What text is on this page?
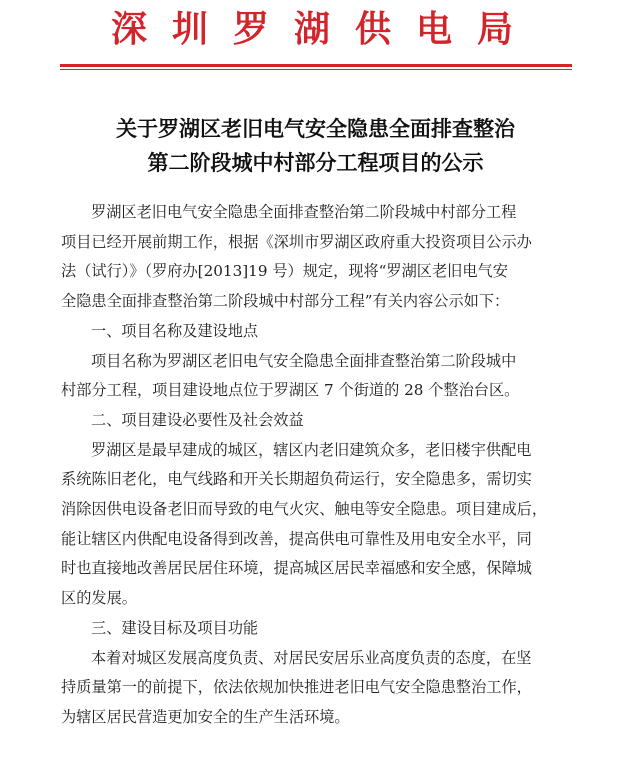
深圳罗湖供电局
关于罗湖区老旧电气安全隐患全面排查整治
第二阶段城中村部分工程项目的公示
罗湖区老旧电气安全隐患全面排查整治第二阶段城中村部分工程
项目已经开展前期工作，根据《深圳市罗湖区政府重大投资项目公示办
法（试行）》（罗府办[2013]19 号）规定，现将“罗湖区老旧电气安
全隐患全面排查整治第二阶段城中村部分工程”有关内容公示如下：
一、项目名称及建设地点
项目名称为罗湖区老旧电气安全隐患全面排查整治第二阶段城中
村部分工程，项目建设地点位于罗湖区 7 个街道的 28 个整治台区。
二、项目建设必要性及社会效益
罗湖区是最早建成的城区，辖区内老旧建筑众多，老旧楼宇供配电
系统陈旧老化，电气线路和开关长期超负荷运行，安全隐患多，需切实
消除因供电设备老旧而导致的电气火灾、触电等安全隐患。项目建成后，
能让辖区内供配电设备得到改善，提高供电可靠性及用电安全水平，同
时也直接地改善居民居住环境，提高城区居民幸福感和安全感，保障城
区的发展。
三、建设目标及项目功能
本着对城区发展高度负责、对居民安居乐业高度负责的态度，在坚
持质量第一的前提下，依法依规加快推进老旧电气安全隐患整治工作，
为辖区居民营造更加安全的生产生活环境。
